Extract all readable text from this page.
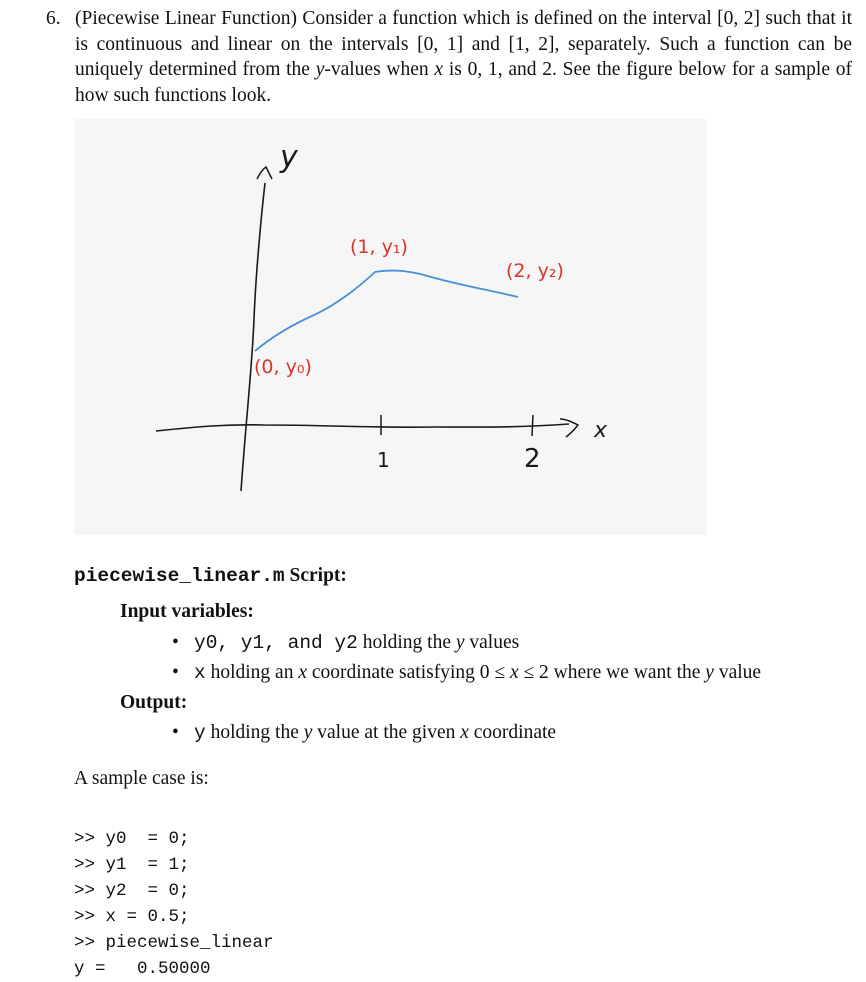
6. (Piecewise Linear Function) Consider a function which is defined on the interval [0, 2] such that it is continuous and linear on the intervals [0, 1] and [1, 2], separately. Such a function can be uniquely determined from the y-values when x is 0, 1, and 2. See the figure below for a sample of how such functions look.
y
x
1	2
(0, y₀)
(1, y₁)
(2, y₂)
piecewise_linear.m Script:
Input variables:
• y0, y1, and y2 holding the y values
• x holding an x coordinate satisfying 0 ≤ x ≤ 2 where we want the y value
Output:
• y holding the y value at the given x coordinate
A sample case is:
>> y0  = 0;
>> y1  = 1;
>> y2  = 0;
>> x = 0.5;
>> piecewise_linear
y =   0.50000
